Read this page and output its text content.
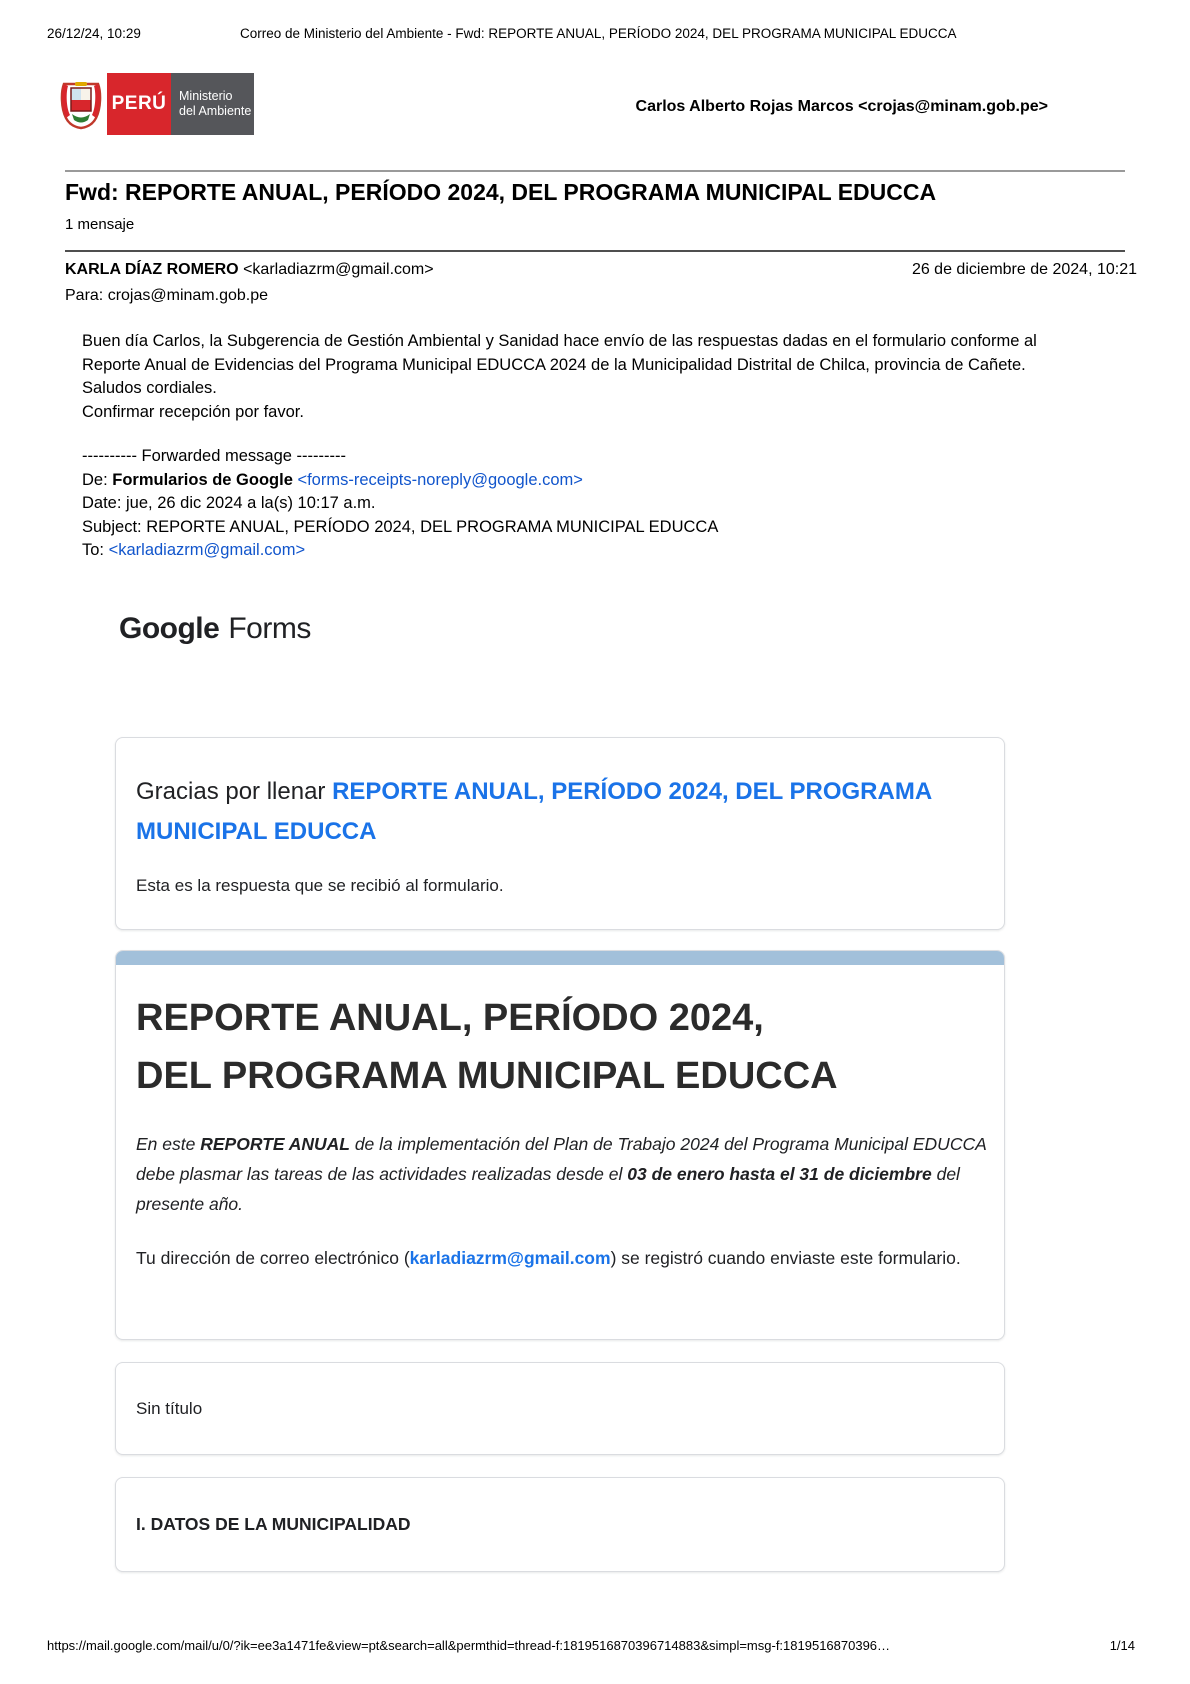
26/12/24, 10:29	Correo de Ministerio del Ambiente - Fwd: REPORTE ANUAL, PERÍODO 2024, DEL PROGRAMA MUNICIPAL EDUCCA
PERÚ	Ministerio
del Ambiente	Carlos Alberto Rojas Marcos <crojas@minam.gob.pe>
Fwd: REPORTE ANUAL, PERÍODO 2024, DEL PROGRAMA MUNICIPAL EDUCCA
1 mensaje
KARLA DÍAZ ROMERO <karladiazrm@gmail.com>	26 de diciembre de 2024, 10:21
Para: crojas@minam.gob.pe
Buen día Carlos, la Subgerencia de Gestión Ambiental y Sanidad hace envío de las respuestas dadas en el formulario conforme al Reporte Anual de Evidencias del Programa Municipal EDUCCA 2024 de la Municipalidad Distrital de Chilca, provincia de Cañete.
Saludos cordiales.
Confirmar recepción por favor.
---------- Forwarded message ---------
De: Formularios de Google <forms-receipts-noreply@google.com>
Date: jue, 26 dic 2024 a la(s) 10:17 a.m.
Subject: REPORTE ANUAL, PERÍODO 2024, DEL PROGRAMA MUNICIPAL EDUCCA
To: <karladiazrm@gmail.com>
Google Forms
Gracias por llenar REPORTE ANUAL, PERÍODO 2024, DEL PROGRAMA MUNICIPAL EDUCCA
Esta es la respuesta que se recibió al formulario.
REPORTE ANUAL, PERÍODO 2024,
DEL PROGRAMA MUNICIPAL EDUCCA
En este REPORTE ANUAL de la implementación del Plan de Trabajo 2024 del Programa Municipal EDUCCA debe plasmar las tareas de las actividades realizadas desde el 03 de enero hasta el 31 de diciembre del presente año.
Tu dirección de correo electrónico (karladiazrm@gmail.com) se registró cuando enviaste este formulario.
Sin título
I. DATOS DE LA MUNICIPALIDAD
https://mail.google.com/mail/u/0/?ik=ee3a1471fe&view=pt&search=all&permthid=thread-f:1819516870396714883&simpl=msg-f:1819516870396…	1/14
